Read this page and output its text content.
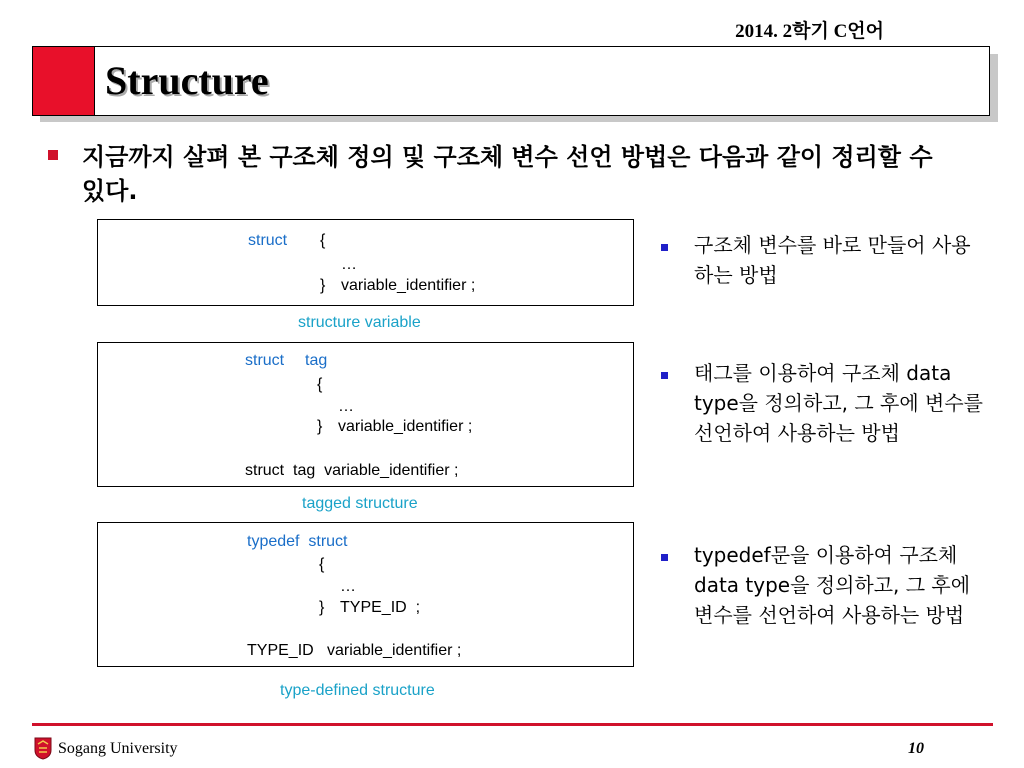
2014. 2학기 C언어
Structure
지금까지 살펴 본 구조체 정의 및 구조체 변수 선언 방법은 다음과 같이 정리할 수 있다.
struct {
…
} variable_identifier ;
structure variable
struct tag
{
…
} variable_identifier ;
struct  tag  variable_identifier ;
tagged structure
typedef  struct
{
…
} TYPE_ID  ;
TYPE_ID   variable_identifier ;
type-defined structure
구조체 변수를 바로 만들어 사용하는 방법
태그를 이용하여 구조체 data type을 정의하고, 그 후에 변수를 선언하여 사용하는 방법
typedef문을 이용하여 구조체 data type을 정의하고, 그 후에 변수를 선언하여 사용하는 방법
Sogang University	10
